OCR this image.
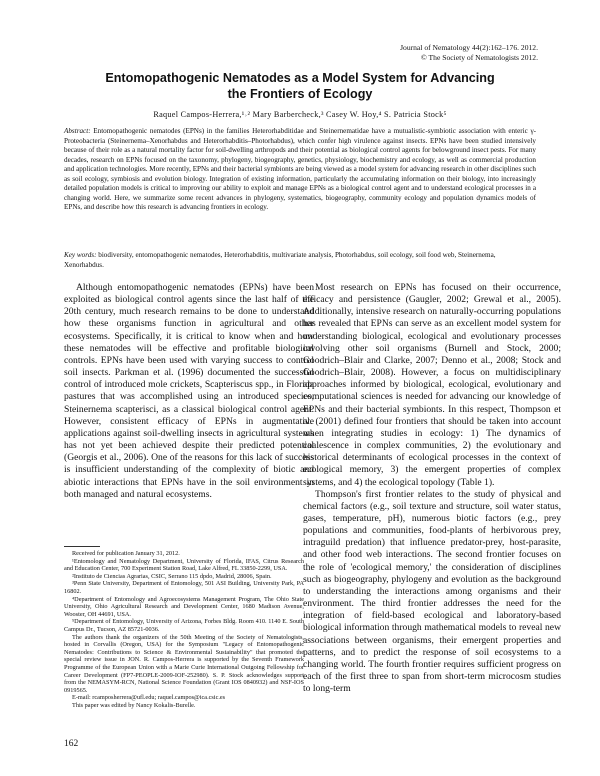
Journal of Nematology 44(2):162–176. 2012.
© The Society of Nematologists 2012.
Entomopathogenic Nematodes as a Model System for Advancing
the Frontiers of Ecology
Raquel Campos-Herrera,¹˒² Mary Barbercheck,³ Casey W. Hoy,⁴ S. Patricia Stock⁵
Abstract: Entomopathogenic nematodes (EPNs) in the families Heterorhabditidae and Steinernematidae have a mutualistic-symbiotic association with enteric γ-Proteobacteria (Steinernema–Xenorhabdus and Heterorhabditis–Photorhabdus), which confer high virulence against insects. EPNs have been studied intensively because of their role as a natural mortality factor for soil-dwelling arthropods and their potential as biological control agents for belowground insect pests. For many decades, research on EPNs focused on the taxonomy, phylogeny, biogeography, genetics, physiology, biochemistry and ecology, as well as commercial production and application technologies. More recently, EPNs and their bacterial symbionts are being viewed as a model system for advancing research in other disciplines such as soil ecology, symbiosis and evolution biology. Integration of existing information, particularly the accumulating information on their biology, into increasingly detailed population models is critical to improving our ability to exploit and manage EPNs as a biological control agent and to understand ecological processes in a changing world. Here, we summarize some recent advances in phylogeny, systematics, biogeography, community ecology and population dynamics models of EPNs, and describe how this research is advancing frontiers in ecology.
Key words: biodiversity, entomopathogenic nematodes, Heterorhabditis, multivariate analysis, Photorhabdus, soil ecology, soil food web, Steinernema, Xenorhabdus.

Although entomopathogenic nematodes (EPNs) have been exploited as biological control agents since the last half of the 20th century, much research remains to be done to understand how these organisms function in agricultural and other ecosystems. Specifically, it is critical to know when and how these nematodes will be effective and profitable biological controls. EPNs have been used with varying success to control soil insects. Parkman et al. (1996) documented the successful control of introduced mole crickets, Scapteriscus spp., in Florida pastures that was accomplished using an introduced species, Steinernema scapterisci, as a classical biological control agent. However, consistent efficacy of EPNs in augmentative applications against soil-dwelling insects in agricultural systems has not yet been achieved despite their predicted potential (Georgis et al., 2006). One of the reasons for this lack of success is insufficient understanding of the complexity of biotic and abiotic interactions that EPNs have in the soil environment in both managed and natural ecosystems.

Most research on EPNs has focused on their occurrence, efficacy and persistence (Gaugler, 2002; Grewal et al., 2005). Additionally, intensive research on naturally-occurring populations has revealed that EPNs can serve as an excellent model system for understanding biological, ecological and evolutionary processes involving other soil organisms (Burnell and Stock, 2000; Goodrich–Blair and Clarke, 2007; Denno et al., 2008; Stock and Goodrich–Blair, 2008). However, a focus on multidisciplinary approaches informed by biological, ecological, evolutionary and computational sciences is needed for advancing our knowledge of EPNs and their bacterial symbionts. In this respect, Thompson et al. (2001) defined four frontiers that should be taken into account when integrating studies in ecology: 1) The dynamics of coalescence in complex communities, 2) the evolutionary and historical determinants of ecological processes in the context of ecological memory, 3) the emergent properties of complex systems, and 4) the ecological topology (Table 1).

Thompson's first frontier relates to the study of physical and chemical factors (e.g., soil texture and structure, soil water status, gases, temperature, pH), numerous biotic factors (e.g., prey populations and communities, food-plants of herbivorous prey, intraguild predation) that influence predator-prey, host-parasite, and other food web interactions. The second frontier focuses on the role of 'ecological memory,' the consideration of disciplines such as biogeography, phylogeny and evolution as the background to understanding the interactions among organisms and their environment. The third frontier addresses the need for the integration of field-based ecological and laboratory-based biological information through mathematical models to reveal new associations between organisms, their emergent properties and patterns, and to predict the response of soil ecosystems to a changing world. The fourth frontier requires sufficient progress on each of the first three to span from short-term microcosm studies to long-term

Received for publication January 31, 2012.
¹Entomology and Nematology Department, University of Florida, IFAS, Citrus Research and Education Center, 700 Experiment Station Road, Lake Alfred, FL 33850-2299, USA.
²Instituto de Ciencias Agrarias, CSIC, Serrano 115 dpdo, Madrid, 28006, Spain.
³Penn State University, Department of Entomology, 501 ASI Building, University Park, PA 16802.
⁴Department of Entomology and Agroecosystems Management Program, The Ohio State University, Ohio Agricultural Research and Development Center, 1680 Madison Avenue, Wooster, OH 44691, USA.
⁵Department of Entomology, University of Arizona, Forbes Bldg. Room 410. 1140 E. South Campus Dr., Tucson, AZ 85721-0036.
The authors thank the organizers of the 50th Meeting of the Society of Nematologists, hosted in Corvallis (Oregon, USA) for the Symposium "Legacy of Entomopathogenic Nematodes: Contributions to Science & Environmental Sustainability" that promoted the special review issue in JON. R. Campos-Herrera is supported by the Seventh Framework Programme of the European Union with a Marie Curie International Outgoing Fellowship for Career Development (FP7-PEOPLE-2009-IOF-252980). S. P. Stock acknowledges support from the NEMASYM-RCN, National Science Foundation (Grant IOS 0840932) and NSF-IOS 0919565.
E-mail: rcamposherrera@ufl.edu; raquel.campos@ica.csic.es
This paper was edited by Nancy Kokalis-Burelle.
162
